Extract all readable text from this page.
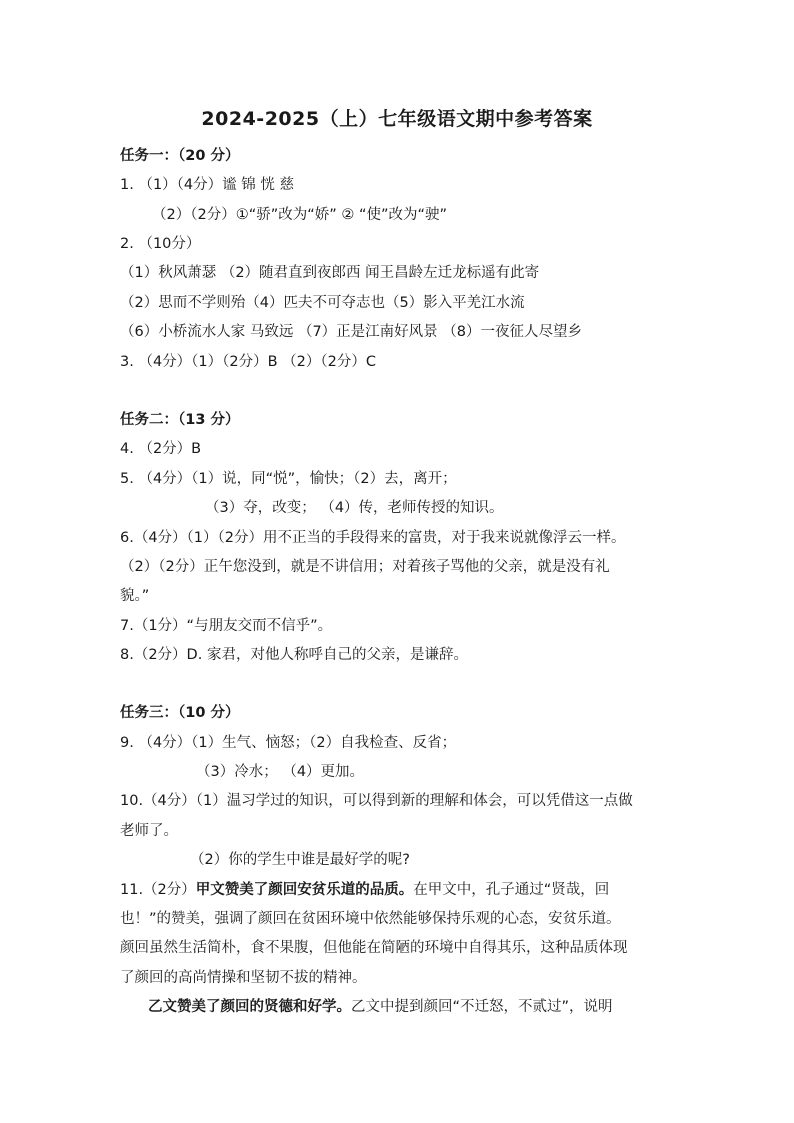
2024-2025（上）七年级语文期中参考答案
任务一：（20 分）
1. （1）（4分）谧 锦 恍 慈
（2）（2分）①“骄”改为“娇” ② “使”改为“驶”
2. （10分）
（1）秋风萧瑟 （2）随君直到夜郎西 闻王昌龄左迁龙标遥有此寄
（2）思而不学则殆（4）匹夫不可夺志也（5）影入平羌江水流
（6）小桥流水人家 马致远 （7）正是江南好风景 （8）一夜征人尽望乡
3. （4分）（1）（2分）B （2）（2分）C
任务二：（13 分）
4. （2分）B
5. （4分）（1）说，同“悦”，愉快；（2）去，离开；
（3）夺，改变； （4）传，老师传授的知识。
6.（4分）（1）（2分）用不正当的手段得来的富贵，对于我来说就像浮云一样。
（2）（2分）正午您没到，就是不讲信用；对着孩子骂他的父亲，就是没有礼
貌。”
7.（1分）“与朋友交而不信乎”。
8.（2分）D. 家君，对他人称呼自己的父亲，是谦辞。
任务三：（10 分）
9. （4分）（1）生气、恼怒；（2）自我检查、反省；
（3）冷水； （4）更加。
10.（4分）（1）温习学过的知识，可以得到新的理解和体会，可以凭借这一点做
老师了。
（2）你的学生中谁是最好学的呢?
11.（2分）甲文赞美了颜回安贫乐道的品质。在甲文中，孔子通过“贤哉，回
也！”的赞美，强调了颜回在贫困环境中依然能够保持乐观的心态，安贫乐道。
颜回虽然生活简朴，食不果腹，但他能在简陋的环境中自得其乐，这种品质体现
了颜回的高尚情操和坚韧不拔的精神。
乙文赞美了颜回的贤德和好学。乙文中提到颜回“不迁怒，不贰过”，说明
